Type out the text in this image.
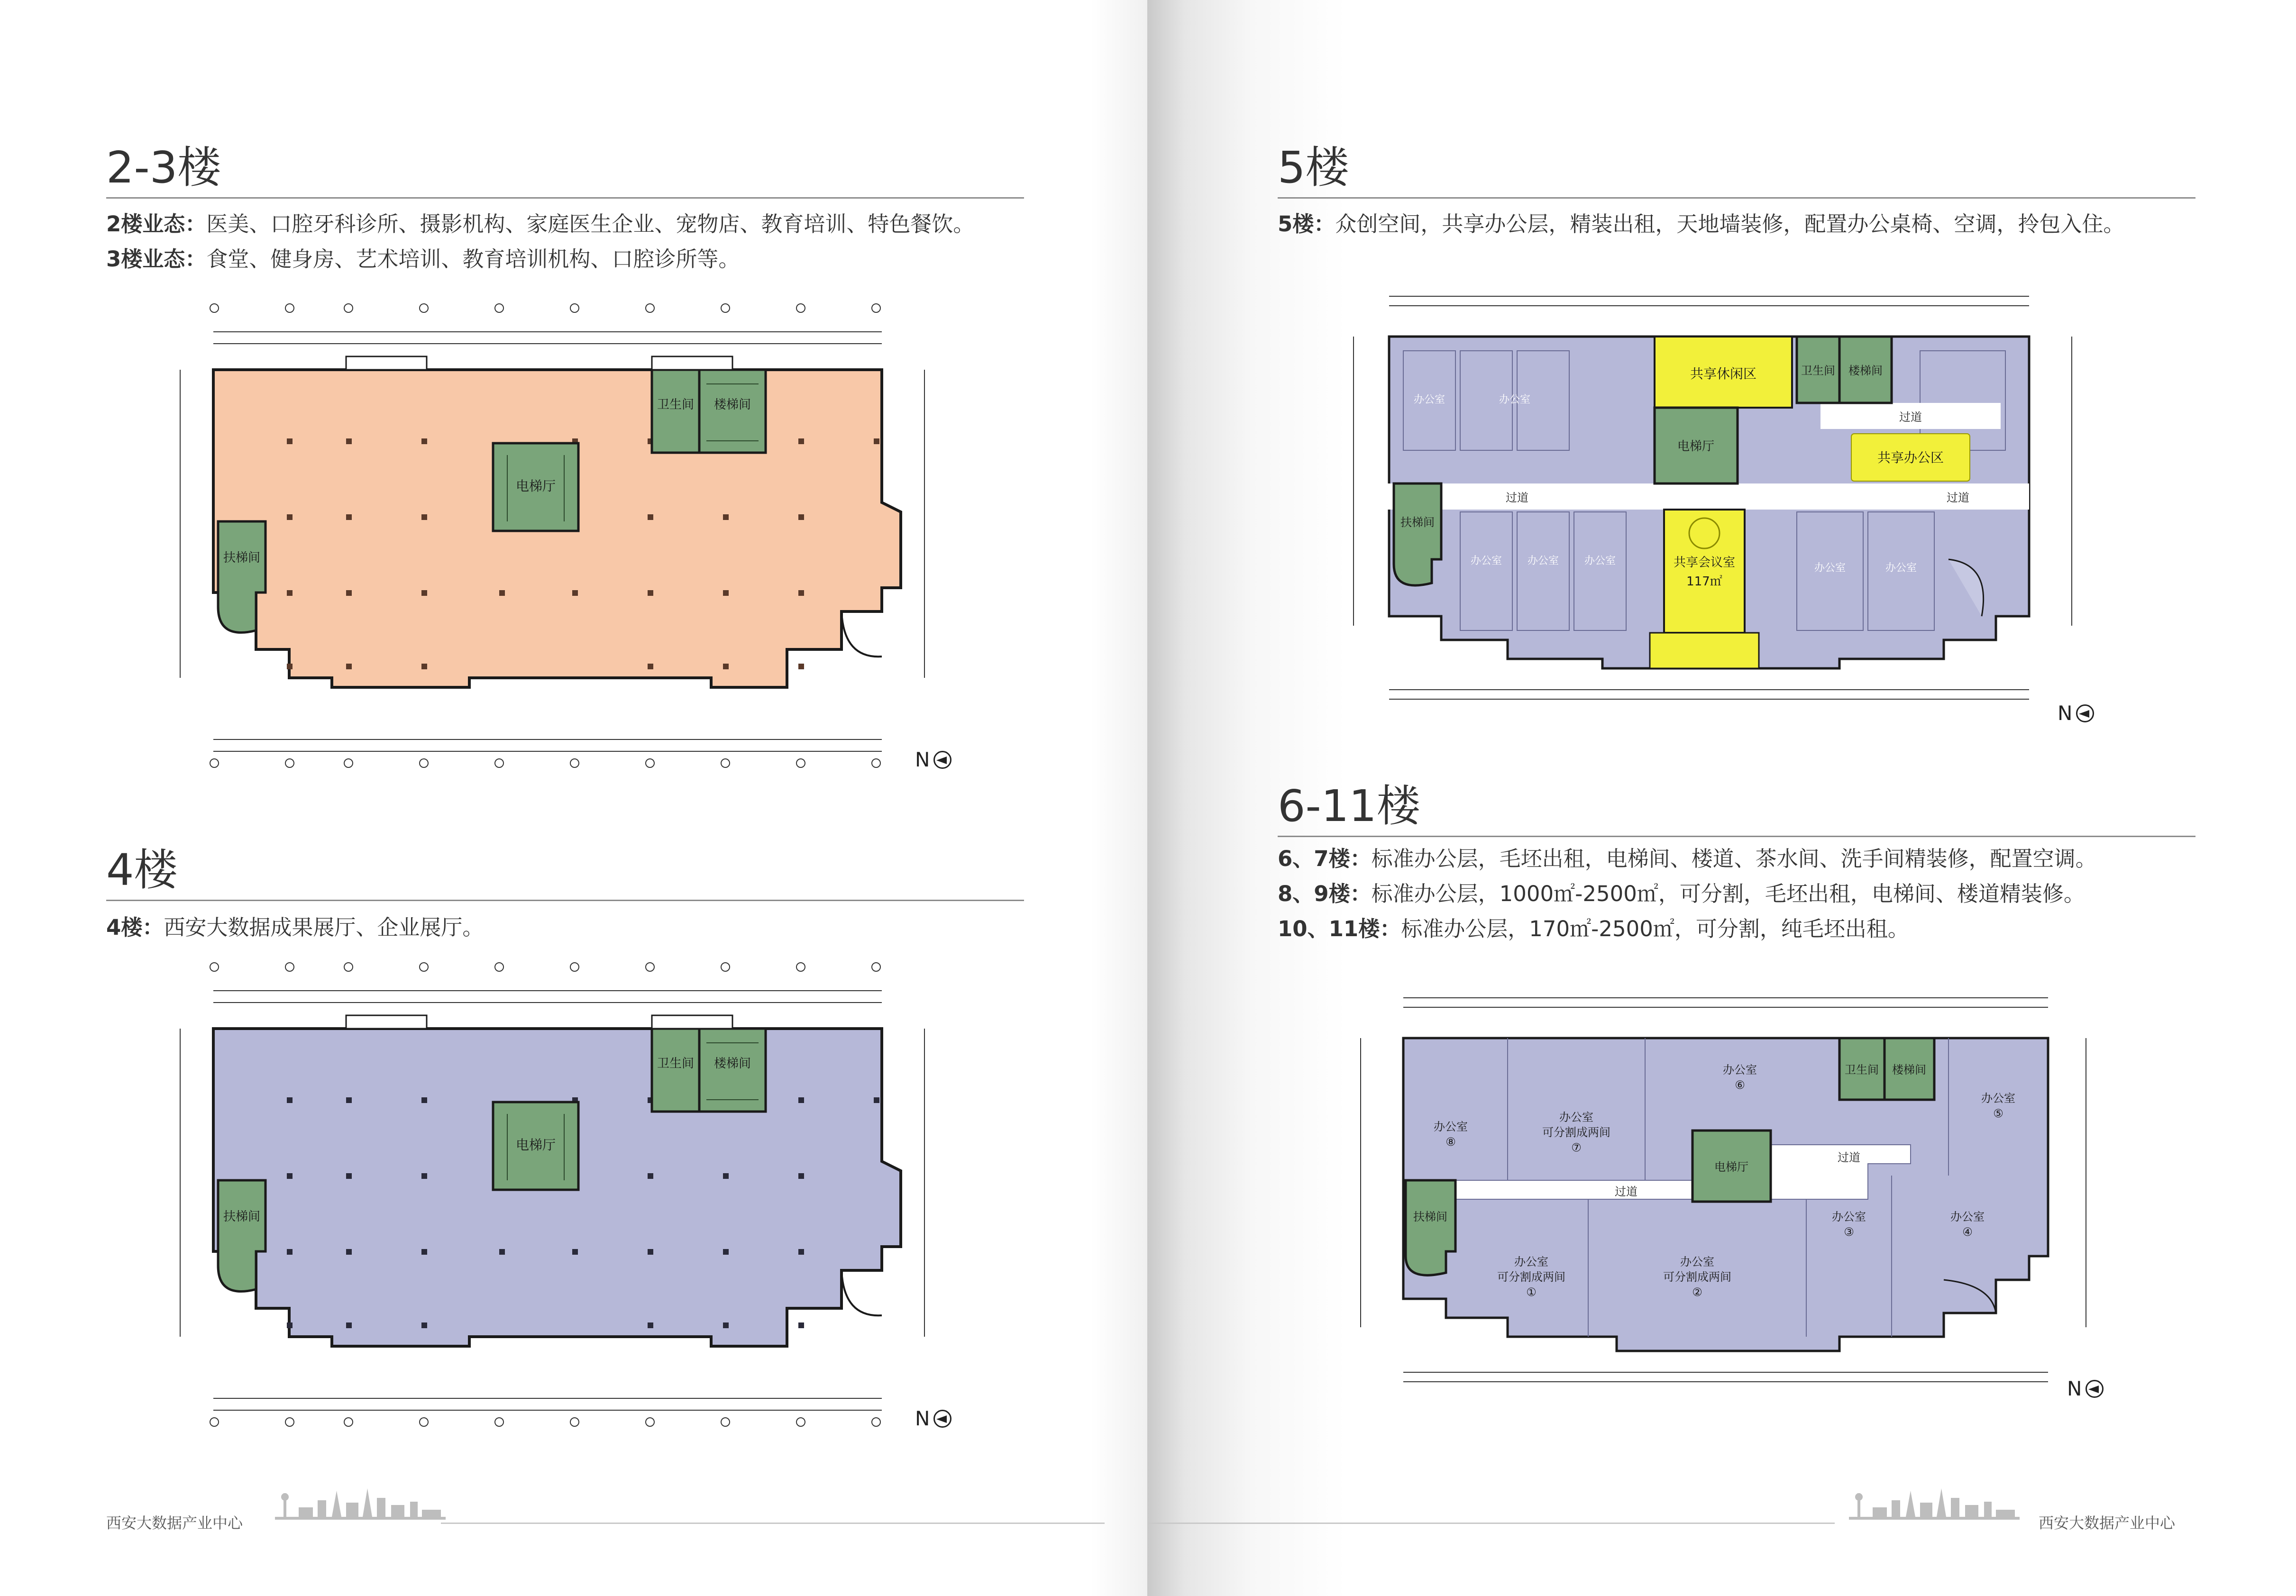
2-3楼

2楼业态：医美、口腔牙科诊所、摄影机构、家庭医生企业、宠物店、教育培训、特色餐饮。

3楼业态：食堂、健身房、艺术培训、教育培训机构、口腔诊所等。

电梯厅
卫生间 楼梯间
扶梯间
N
4楼

4楼：西安大数据成果展厅、企业展厅。

电梯厅
卫生间 楼梯间
扶梯间
N
西安大数据产业中心
5楼

5楼：众创空间，共享办公层，精装出租，天地墙装修，配置办公桌椅、空调，拎包入住。

过道	过道
过道
共享休闲区
共享办公区
共享会议室
117㎡
电梯厅
卫生间 楼梯间
扶梯间
办公室	办公室
办公室 办公室 办公室
办公室	办公室
N
6-11楼

6、7楼：标准办公层，毛坯出租，电梯间、楼道、茶水间、洗手间精装修，配置空调。

8、9楼：标准办公层，1000㎡-2500㎡，可分割，毛坯出租，电梯间、楼道精装修。

10、11楼：标准办公层，170㎡-2500㎡，可分割，纯毛坯出租。

过道
过道
电梯厅
卫生间 楼梯间
扶梯间
办公室
⑧
办公室
可分割成两间
⑦
办公室
⑥
办公室
⑤
办公室
④
办公室
③
办公室
可分割成两间
②
办公室
可分割成两间
①
N
西安大数据产业中心
